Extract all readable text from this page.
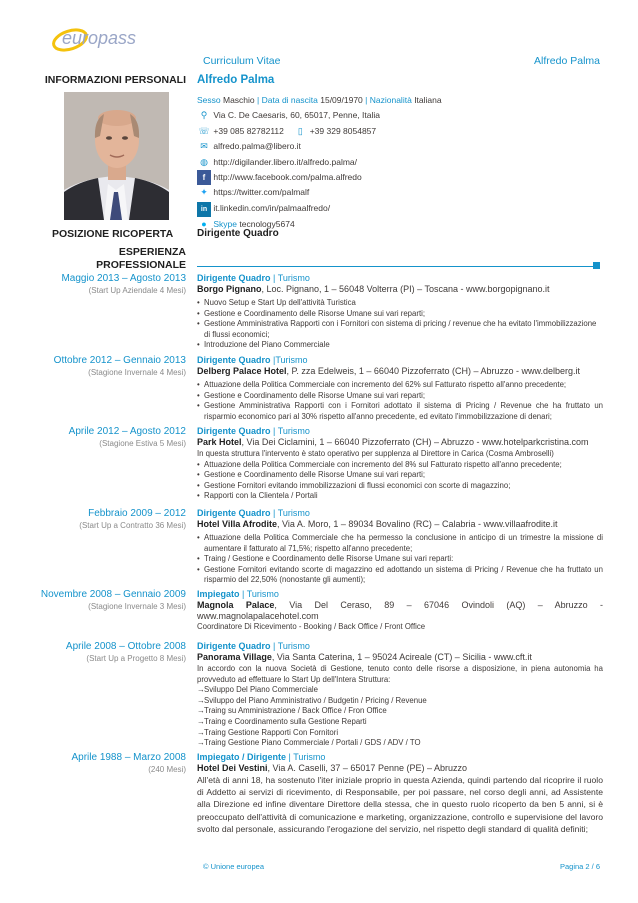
europass
Curriculum Vitae	Alfredo Palma
INFORMAZIONI PERSONALI Alfredo Palma
Sesso Maschio | Data di nascita 15/09/1970 | Nazionalità Italiana
⚲ Via C. De Caesaris, 60, 65017, Penne, Italia
☏ +39 085 82782112 ▯ +39 329 8054857
✉ alfredo.palma@libero.it
◍ http://digilander.libero.it/alfredo.palma/
f http://www.facebook.com/palma.alfredo
✦ https://twitter.com/palmalf
in it.linkedin.com/in/palmaalfredo/
● Skype tecnology5674
POSIZIONE RICOPERTA Dirigente Quadro
ESPERIENZA
PROFESSIONALE
Maggio 2013 – Agosto 2013
(Start Up Aziendale 4 Mesi)
Dirigente Quadro | Turismo
Borgo Pignano, Loc. Pignano, 1 – 56048 Volterra (PI) – Toscana - www.borgopignano.it
• Nuovo Setup e Start Up dell'attività Turistica
• Gestione e Coordinamento delle Risorse Umane sui vari reparti;
• Gestione Amministrativa Rapporti con i Fornitori con sistema di pricing / revenue che ha evitato l'immobilizzazione di flussi economici;
• Introduzione del Piano Commerciale
Ottobre 2012 – Gennaio 2013
(Stagione Invernale 4 Mesi)
Dirigente Quadro |Turismo
Delberg Palace Hotel, P. zza Edelweis, 1 – 66040 Pizzoferrato (CH) – Abruzzo - www.delberg.it
• Attuazione della Politica Commerciale con incremento del 62% sul Fatturato rispetto all'anno precedente;
• Gestione e Coordinamento delle Risorse Umane sui vari reparti;
• Gestione Amministrativa Rapporti con i Fornitori adottato il sistema di Pricing / Revenue che ha fruttato un risparmio economico pari al 30% rispetto all'anno precedente, ed evitato l'immobilizzazione di denari;
Aprile 2012 – Agosto 2012
(Stagione Estiva 5 Mesi)
Dirigente Quadro | Turismo
Park Hotel, Via Dei Ciclamini, 1 – 66040 Pizzoferrato (CH) – Abruzzo - www.hotelparkcristina.com
In questa struttura l'intervento è stato operativo per supplenza al Direttore in Carica (Cosma Ambroselli)
• Attuazione della Politica Commerciale con incremento del 8% sul Fatturato rispetto all'anno precedente;
• Gestione e Coordinamento delle Risorse Umane sui vari reparti;
• Gestione Fornitori evitando immobilizzazioni di flussi economici con scorte di magazzino;
• Rapporti con la Clientela / Portali
Febbraio 2009 – 2012
(Start Up a Contratto 36 Mesi)
Dirigente Quadro | Turismo
Hotel Villa Afrodite, Via A. Moro, 1 – 89034 Bovalino (RC) – Calabria - www.villaafrodite.it
• Attuazione della Politica Commerciale che ha permesso la conclusione in anticipo di un trimestre la missione di aumentare il fatturato al 71,5%; rispetto all'anno precedente;
• Traing / Gestione e Coordinamento delle Risorse Umane sui vari reparti:
• Gestione Fornitori evitando scorte di magazzino ed adottando un sistema di Pricing / Revenue che ha fruttato un risparmio del 22,50% (nonostante gli aumenti);
Novembre 2008 – Gennaio 2009
(Stagione Invernale 3 Mesi)
Impiegato | Turismo
Magnola Palace, Via Del Ceraso, 89 – 67046 Ovindoli (AQ) – Abruzzo - www.magnolapalacehotel.com
Coordinatore Di Ricevimento - Booking / Back Office / Front Office
Aprile 2008 – Ottobre 2008
(Start Up a Progetto 8 Mesi)
Dirigente Quadro | Turismo
Panorama Village, Via Santa Caterina, 1 – 95024 Acireale (CT) – Sicilia - www.cft.it
In accordo con la nuova Società di Gestione, tenuto conto delle risorse a disposizione, in piena autonomia ha provveduto ad effettuare lo Start Up dell'Intera Struttura:
→ Sviluppo Del Piano Commerciale
→ Sviluppo del Piano Amministrativo / Budgetin / Pricing / Revenue
→ Traing su Amministrazione / Back Office / Fron Office
→ Traing e Coordinamento sulla Gestione Reparti
→ Traing Gestione Rapporti Con Fornitori
→ Traing Gestione Piano Commerciale / Portali / GDS / ADV / TO
Aprile 1988 – Marzo 2008
(240 Mesi)
Impiegato / Dirigente | Turismo
Hotel Dei Vestini, Via A. Caselli, 37 – 65017 Penne (PE) – Abruzzo
All'età di anni 18, ha sostenuto l'iter iniziale proprio in questa Azienda, quindi partendo dal ricoprire il ruolo di Addetto ai servizi di ricevimento, di Responsabile, per poi passare, nel corso degli anni, ad Assistente alla Direzione ed infine diventare Direttore della stessa, che in questo ruolo ricoperto da ben 5 anni, si è preoccupato dell'attività di comunicazione e marketing, organizzazione, controllo e supervisione del lavoro svolto dal personale, assicurando l'erogazione del servizio, nel rispetto degli standard di qualità definiti;
© Unione europea	Pagina 2 / 6
